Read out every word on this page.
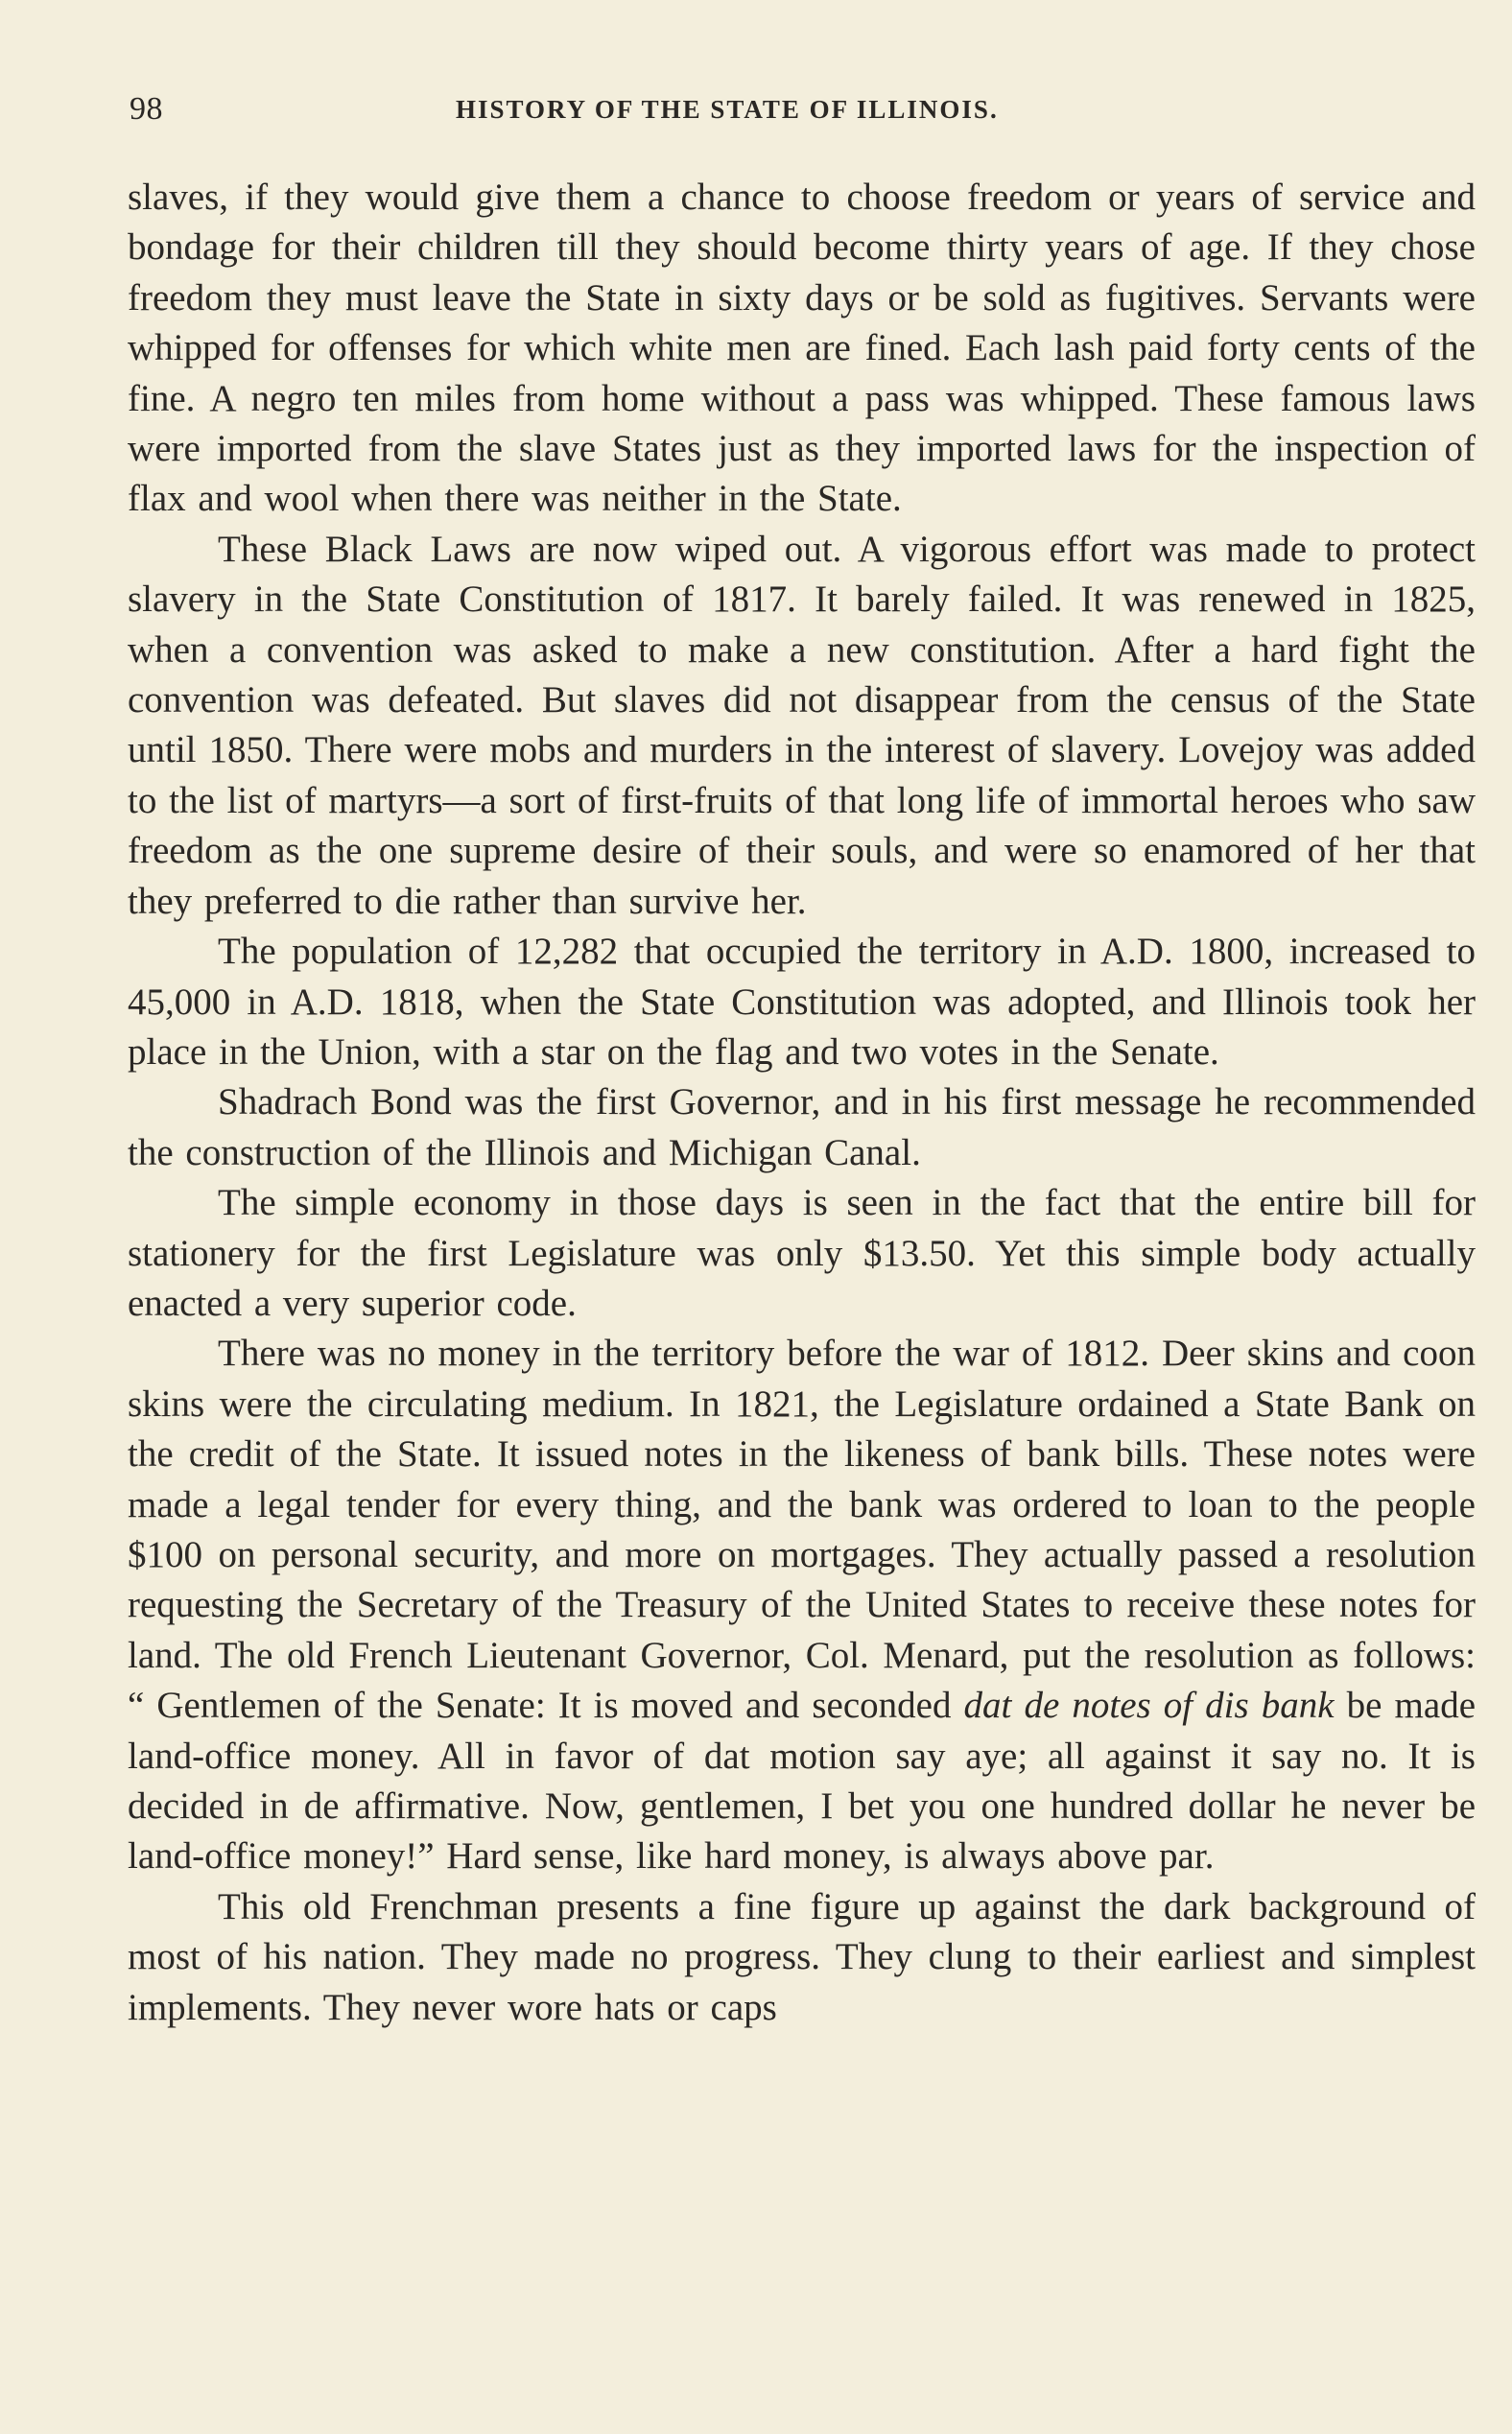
98	HISTORY OF THE STATE OF ILLINOIS.

slaves, if they would give them a chance to choose freedom or years of service and bondage for their children till they should become thirty years of age. If they chose freedom they must leave the State in sixty days or be sold as fugitives. Servants were whipped for offenses for which white men are fined. Each lash paid forty cents of the fine. A negro ten miles from home without a pass was whipped. These famous laws were imported from the slave States just as they imported laws for the inspection of flax and wool when there was neither in the State.

These Black Laws are now wiped out. A vigorous effort was made to protect slavery in the State Constitution of 1817. It barely failed. It was renewed in 1825, when a convention was asked to make a new constitution. After a hard fight the convention was defeated. But slaves did not disappear from the census of the State until 1850. There were mobs and murders in the interest of slavery. Lovejoy was added to the list of martyrs—a sort of first-fruits of that long life of immortal heroes who saw freedom as the one supreme desire of their souls, and were so enamored of her that they preferred to die rather than survive her.

The population of 12,282 that occupied the territory in A.D. 1800, increased to 45,000 in A.D. 1818, when the State Constitution was adopted, and Illinois took her place in the Union, with a star on the flag and two votes in the Senate.

Shadrach Bond was the first Governor, and in his first message he recommended the construction of the Illinois and Michigan Canal.

The simple economy in those days is seen in the fact that the entire bill for stationery for the first Legislature was only $13.50. Yet this simple body actually enacted a very superior code.

There was no money in the territory before the war of 1812. Deer skins and coon skins were the circulating medium. In 1821, the Legislature ordained a State Bank on the credit of the State. It issued notes in the likeness of bank bills. These notes were made a legal tender for every thing, and the bank was ordered to loan to the people $100 on personal security, and more on mortgages. They actually passed a resolution requesting the Secretary of the Treasury of the United States to receive these notes for land. The old French Lieutenant Governor, Col. Menard, put the resolution as follows: “ Gentlemen of the Senate: It is moved and seconded dat de notes of dis bank be made land-office money. All in favor of dat motion say aye; all against it say no. It is decided in de affirmative. Now, gentlemen, I bet you one hundred dollar he never be land-office money!” Hard sense, like hard money, is always above par.

This old Frenchman presents a fine figure up against the dark background of most of his nation. They made no progress. They clung to their earliest and simplest implements. They never wore hats or caps
